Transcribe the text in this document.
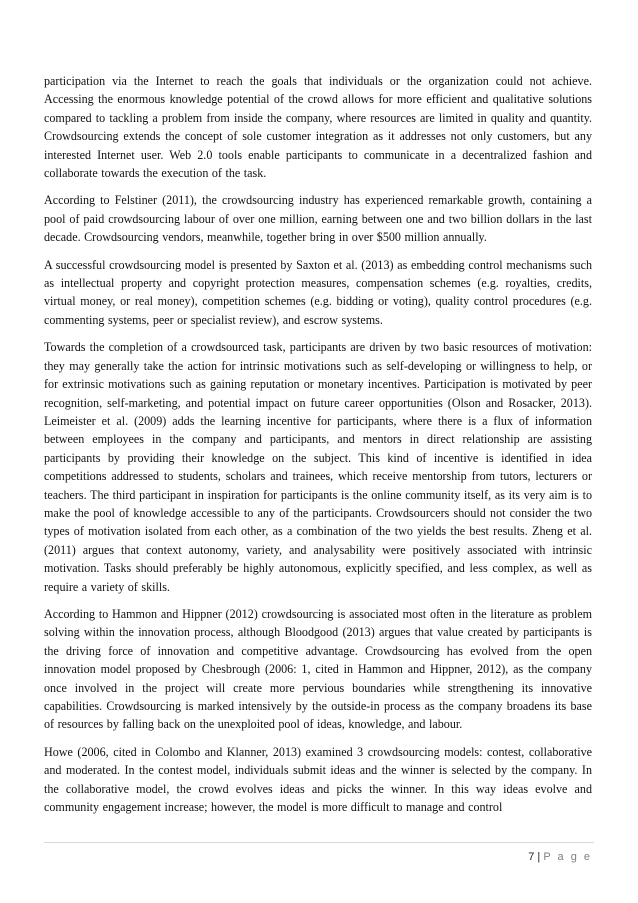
participation via the Internet to reach the goals that individuals or the organization could not achieve. Accessing the enormous knowledge potential of the crowd allows for more efficient and qualitative solutions compared to tackling a problem from inside the company, where resources are limited in quality and quantity. Crowdsourcing extends the concept of sole customer integration as it addresses not only customers, but any interested Internet user. Web 2.0 tools enable participants to communicate in a decentralized fashion and collaborate towards the execution of the task.

According to Felstiner (2011), the crowdsourcing industry has experienced remarkable growth, containing a pool of paid crowdsourcing labour of over one million, earning between one and two billion dollars in the last decade. Crowdsourcing vendors, meanwhile, together bring in over $500 million annually.

A successful crowdsourcing model is presented by Saxton et al. (2013) as embedding control mechanisms such as intellectual property and copyright protection measures, compensation schemes (e.g. royalties, credits, virtual money, or real money), competition schemes (e.g. bidding or voting), quality control procedures (e.g. commenting systems, peer or specialist review), and escrow systems.

Towards the completion of a crowdsourced task, participants are driven by two basic resources of motivation: they may generally take the action for intrinsic motivations such as self-developing or willingness to help, or for extrinsic motivations such as gaining reputation or monetary incentives. Participation is motivated by peer recognition, self-marketing, and potential impact on future career opportunities (Olson and Rosacker, 2013). Leimeister et al. (2009) adds the learning incentive for participants, where there is a flux of information between employees in the company and participants, and mentors in direct relationship are assisting participants by providing their knowledge on the subject. This kind of incentive is identified in idea competitions addressed to students, scholars and trainees, which receive mentorship from tutors, lecturers or teachers. The third participant in inspiration for participants is the online community itself, as its very aim is to make the pool of knowledge accessible to any of the participants. Crowdsourcers should not consider the two types of motivation isolated from each other, as a combination of the two yields the best results. Zheng et al. (2011) argues that context autonomy, variety, and analysability were positively associated with intrinsic motivation. Tasks should preferably be highly autonomous, explicitly specified, and less complex, as well as require a variety of skills.

According to Hammon and Hippner (2012) crowdsourcing is associated most often in the literature as problem solving within the innovation process, although Bloodgood (2013) argues that value created by participants is the driving force of innovation and competitive advantage. Crowdsourcing has evolved from the open innovation model proposed by Chesbrough (2006: 1, cited in Hammon and Hippner, 2012), as the company once involved in the project will create more pervious boundaries while strengthening its innovative capabilities. Crowdsourcing is marked intensively by the outside-in process as the company broadens its base of resources by falling back on the unexploited pool of ideas, knowledge, and labour.

Howe (2006, cited in Colombo and Klanner, 2013) examined 3 crowdsourcing models: contest, collaborative and moderated. In the contest model, individuals submit ideas and the winner is selected by the company. In the collaborative model, the crowd evolves ideas and picks the winner. In this way ideas evolve and community engagement increase; however, the model is more difficult to manage and control

7 | P a g e
